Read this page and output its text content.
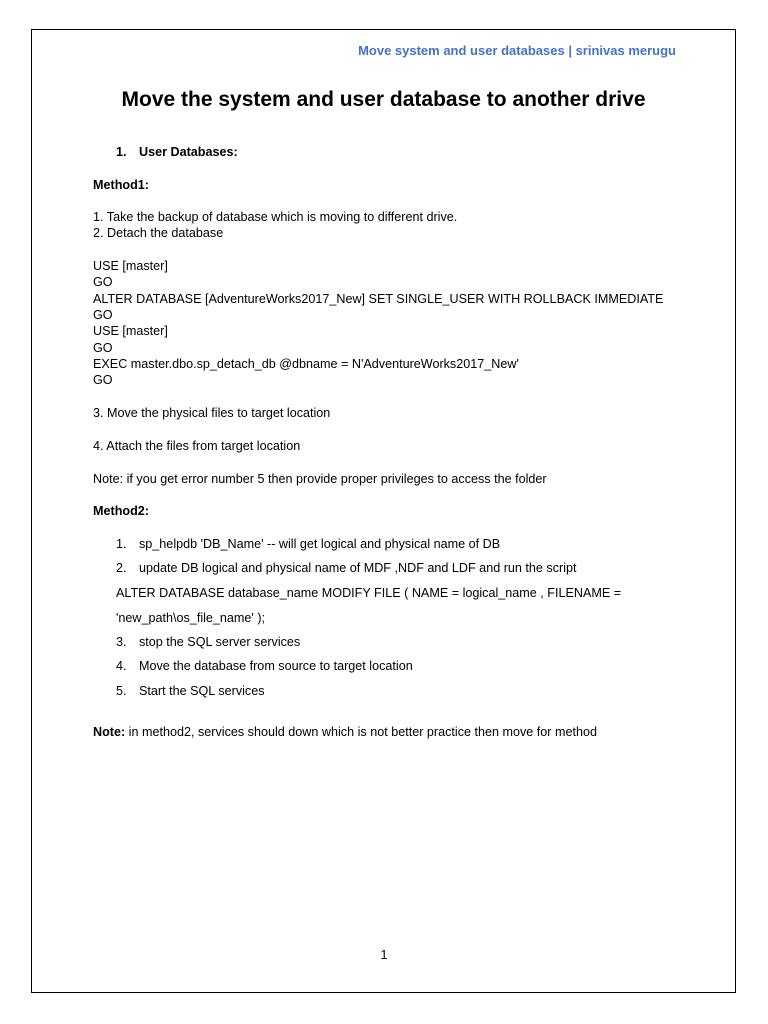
Move system and user databases | srinivas merugu
Move the system and user database to another drive
1. User Databases:
Method1:
1. Take the backup of database which is moving to different drive.
2. Detach the database
USE [master]
GO
ALTER DATABASE [AdventureWorks2017_New] SET SINGLE_USER WITH ROLLBACK IMMEDIATE
GO
USE [master]
GO
EXEC master.dbo.sp_detach_db @dbname = N'AdventureWorks2017_New'
GO
3. Move the physical files to target location
4. Attach the files from target location
Note: if you get error number 5 then provide proper privileges to access the folder
Method2:
1. sp_helpdb 'DB_Name' -- will get logical and physical name of DB
2. update DB logical and physical name of MDF ,NDF and LDF and run the script
ALTER DATABASE database_name MODIFY FILE ( NAME = logical_name , FILENAME =
'new_path\os_file_name' );
3. stop the SQL server services
4. Move the database from source to target location
5. Start the SQL services
Note: in method2, services should down which is not better practice then move for method
1
